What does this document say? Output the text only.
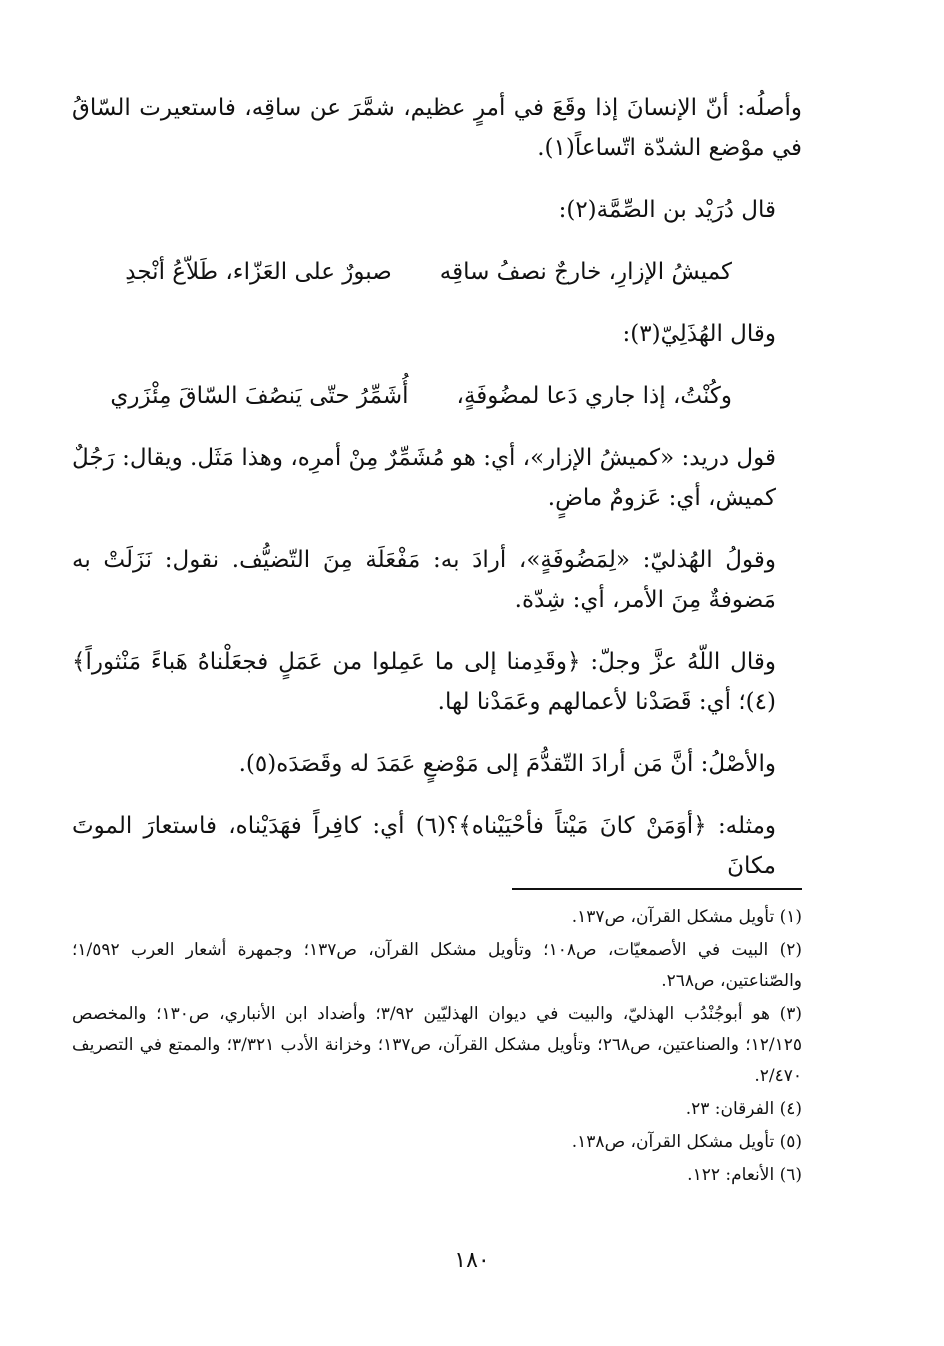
وأصلُه: أنّ الإنسانَ إذا وقَعَ في أمرٍ عظيم، شمَّرَ عن ساقِه، فاستعيرت السّاقُ في موْضع الشدّة اتّساعاً(١).

قال دُرَيْد بن الصِّمَّة(٢):

كميشُ الإزارِ، خارجٌ نصفُ ساقِه
صبورٌ على العَزّاء، طَلاّعُ أنْجدِ

وقال الهُذَلِيّ(٣):

وكُنْتُ، إذا جاري دَعا لمضُوفَةٍ،
أُشَمِّرُ حتّى يَنصُفَ السّاقَ مِئْزَري

قول دريد: «كميشُ الإزار»، أي: هو مُشَمِّرٌ مِنْ أمرِه، وهذا مَثَل. ويقال: رَجُلٌ كميش، أي: عَزومٌ ماضٍ.

وقولُ الهُذليّ: «لِمَضُوفَةٍ»، أرادَ به: مَفْعَلَة مِنَ التّضيُّف. نقول: نَزَلَتْ به مَضوفةٌ مِنَ الأمر، أي: شِدّة.

وقال اللّهُ عزَّ وجلّ: ﴿وقَدِمنا إلى ما عَمِلوا من عَمَلٍ فجعَلْناهُ هَباءً مَنْثوراً﴾(٤)؛ أي: قَصَدْنا لأعمالهم وعَمَدْنا لها.

والأصْلُ: أنَّ مَن أرادَ التّقدُّمَ إلى مَوْضعٍ عَمَدَ له وقَصَدَه(٥).

ومثله: ﴿أوَمَنْ كانَ مَيْتاً فأحْيَيْناه﴾؟(٦) أي: كافِراً فهَدَيْناه، فاستعارَ الموتَ مكانَ

(١) تأويل مشكل القرآن، ص١٣٧.

(٢) البيت في الأصمعيّات، ص١٠٨؛ وتأويل مشكل القرآن، ص١٣٧؛ وجمهرة أشعار العرب ١/٥٩٢؛ والصّناعتين، ص٢٦٨.

(٣) هو أبوجُنْدُب الهذليّ، والبيت في ديوان الهذليّين ٣/٩٢؛ وأضداد ابن الأنباري، ص١٣٠؛ والمخصص ١٢/١٢٥؛ والصناعتين، ص٢٦٨؛ وتأويل مشكل القرآن، ص١٣٧؛ وخزانة الأدب ٣/٣٢١؛ والممتع في التصريف ٢/٤٧٠.

(٤) الفرقان: ٢٣.

(٥) تأويل مشكل القرآن، ص١٣٨.

(٦) الأنعام: ١٢٢.

١٨٠
